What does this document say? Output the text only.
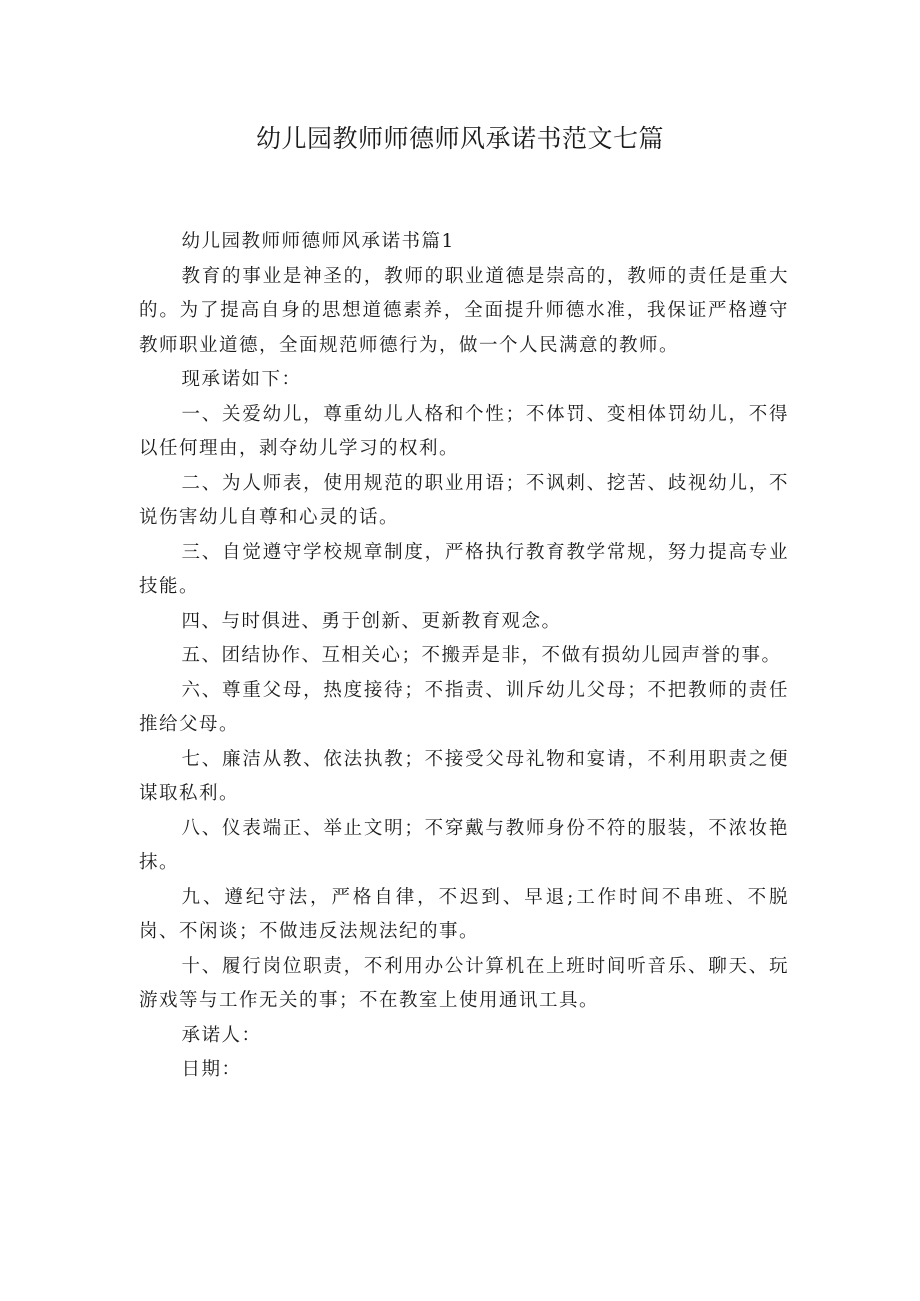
幼儿园教师师德师风承诺书范文七篇

幼儿园教师师德师风承诺书篇1

教育的事业是神圣的，教师的职业道德是崇高的，教师的责任是重大的。为了提高自身的思想道德素养，全面提升师德水准，我保证严格遵守教师职业道德，全面规范师德行为，做一个人民满意的教师。

现承诺如下：

一、关爱幼儿，尊重幼儿人格和个性；不体罚、变相体罚幼儿，不得以任何理由，剥夺幼儿学习的权利。

二、为人师表，使用规范的职业用语；不讽刺、挖苦、歧视幼儿，不说伤害幼儿自尊和心灵的话。

三、自觉遵守学校规章制度，严格执行教育教学常规，努力提高专业技能。

四、与时俱进、勇于创新、更新教育观念。

五、团结协作、互相关心；不搬弄是非，不做有损幼儿园声誉的事。

六、尊重父母，热度接待；不指责、训斥幼儿父母；不把教师的责任推给父母。

七、廉洁从教、依法执教；不接受父母礼物和宴请，不利用职责之便谋取私利。

八、仪表端正、举止文明；不穿戴与教师身份不符的服装，不浓妆艳抹。

九、遵纪守法，严格自律，不迟到、早退;工作时间不串班、不脱岗、不闲谈；不做违反法规法纪的事。

十、履行岗位职责，不利用办公计算机在上班时间听音乐、聊天、玩游戏等与工作无关的事；不在教室上使用通讯工具。

承诺人：

日期：
